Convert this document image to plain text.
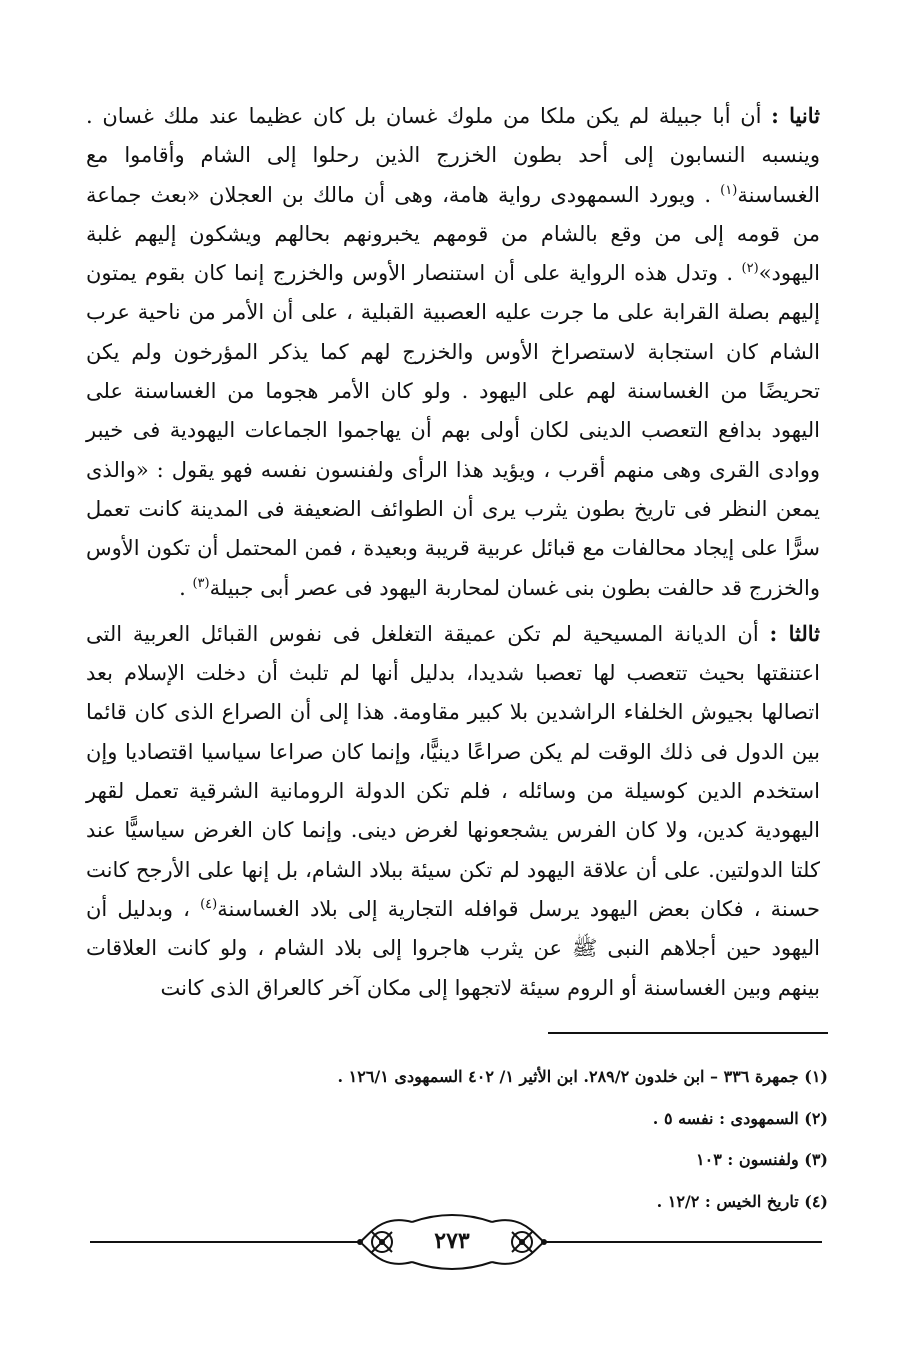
ثانيا : أن أبا جبيلة لم يكن ملكا من ملوك غسان بل كان عظيما عند ملك غسان . وينسبه النسابون إلى أحد بطون الخزرج الذين رحلوا إلى الشام وأقاموا مع الغساسنة$^{(١)}$ . ويورد السمهودى رواية هامة، وهى أن مالك بن العجلان «بعث جماعة من قومه إلى من وقع بالشام من قومهم يخبرونهم بحالهم ويشكون إليهم غلبة اليهود»$^{(٢)}$ . وتدل هذه الرواية على أن استنصار الأوس والخزرج إنما كان بقوم يمتون إليهم بصلة القرابة على ما جرت عليه العصبية القبلية ، على أن الأمر من ناحية عرب الشام كان استجابة لاستصراخ الأوس والخزرج لهم كما يذكر المؤرخون ولم يكن تحريضًا من الغساسنة لهم على اليهود . ولو كان الأمر هجوما من الغساسنة على اليهود بدافع التعصب الدينى لكان أولى بهم أن يهاجموا الجماعات اليهودية فى خيبر ووادى القرى وهى منهم أقرب ، ويؤيد هذا الرأى ولفنسون نفسه فهو يقول : «والذى يمعن النظر فى تاريخ بطون يثرب يرى أن الطوائف الضعيفة فى المدينة كانت تعمل سرًّا على إيجاد محالفات مع قبائل عربية قريبة وبعيدة ، فمن المحتمل أن تكون الأوس والخزرج قد حالفت بطون بنى غسان لمحاربة اليهود فى عصر أبى جبيلة$^{(٣)}$ .

ثالثا : أن الديانة المسيحية لم تكن عميقة التغلغل فى نفوس القبائل العربية التى اعتنقتها بحيث تتعصب لها تعصبا شديدا، بدليل أنها لم تلبث أن دخلت الإسلام بعد اتصالها بجيوش الخلفاء الراشدين بلا كبير مقاومة. هذا إلى أن الصراع الذى كان قائما بين الدول فى ذلك الوقت لم يكن صراعًا دينيًّا، وإنما كان صراعا سياسيا اقتصاديا وإن استخدم الدين كوسيلة من وسائله ، فلم تكن الدولة الرومانية الشرقية تعمل لقهر اليهودية كدين، ولا كان الفرس يشجعونها لغرض دينى. وإنما كان الغرض سياسيًّا عند كلتا الدولتين. على أن علاقة اليهود لم تكن سيئة ببلاد الشام، بل إنها على الأرجح كانت حسنة ، فكان بعض اليهود يرسل قوافله التجارية إلى بلاد الغساسنة$^{(٤)}$ ، وبدليل أن اليهود حين أجلاهم النبى ﷺ عن يثرب هاجروا إلى بلاد الشام ، ولو كانت العلاقات بينهم وبين الغساسنة أو الروم سيئة لاتجهوا إلى مكان آخر كالعراق الذى كانت

(١) جمهرة ٣٣٦ – ابن خلدون ٢٨٩/٢. ابن الأثير ١/ ٤٠٢ السمهودى ١٢٦/١ .
(٢) السمهودى : نفسه ٥ .
(٣) ولفنسون : ١٠٣
(٤) تاريخ الخيس : ١٢/٢ .
٢٧٣
